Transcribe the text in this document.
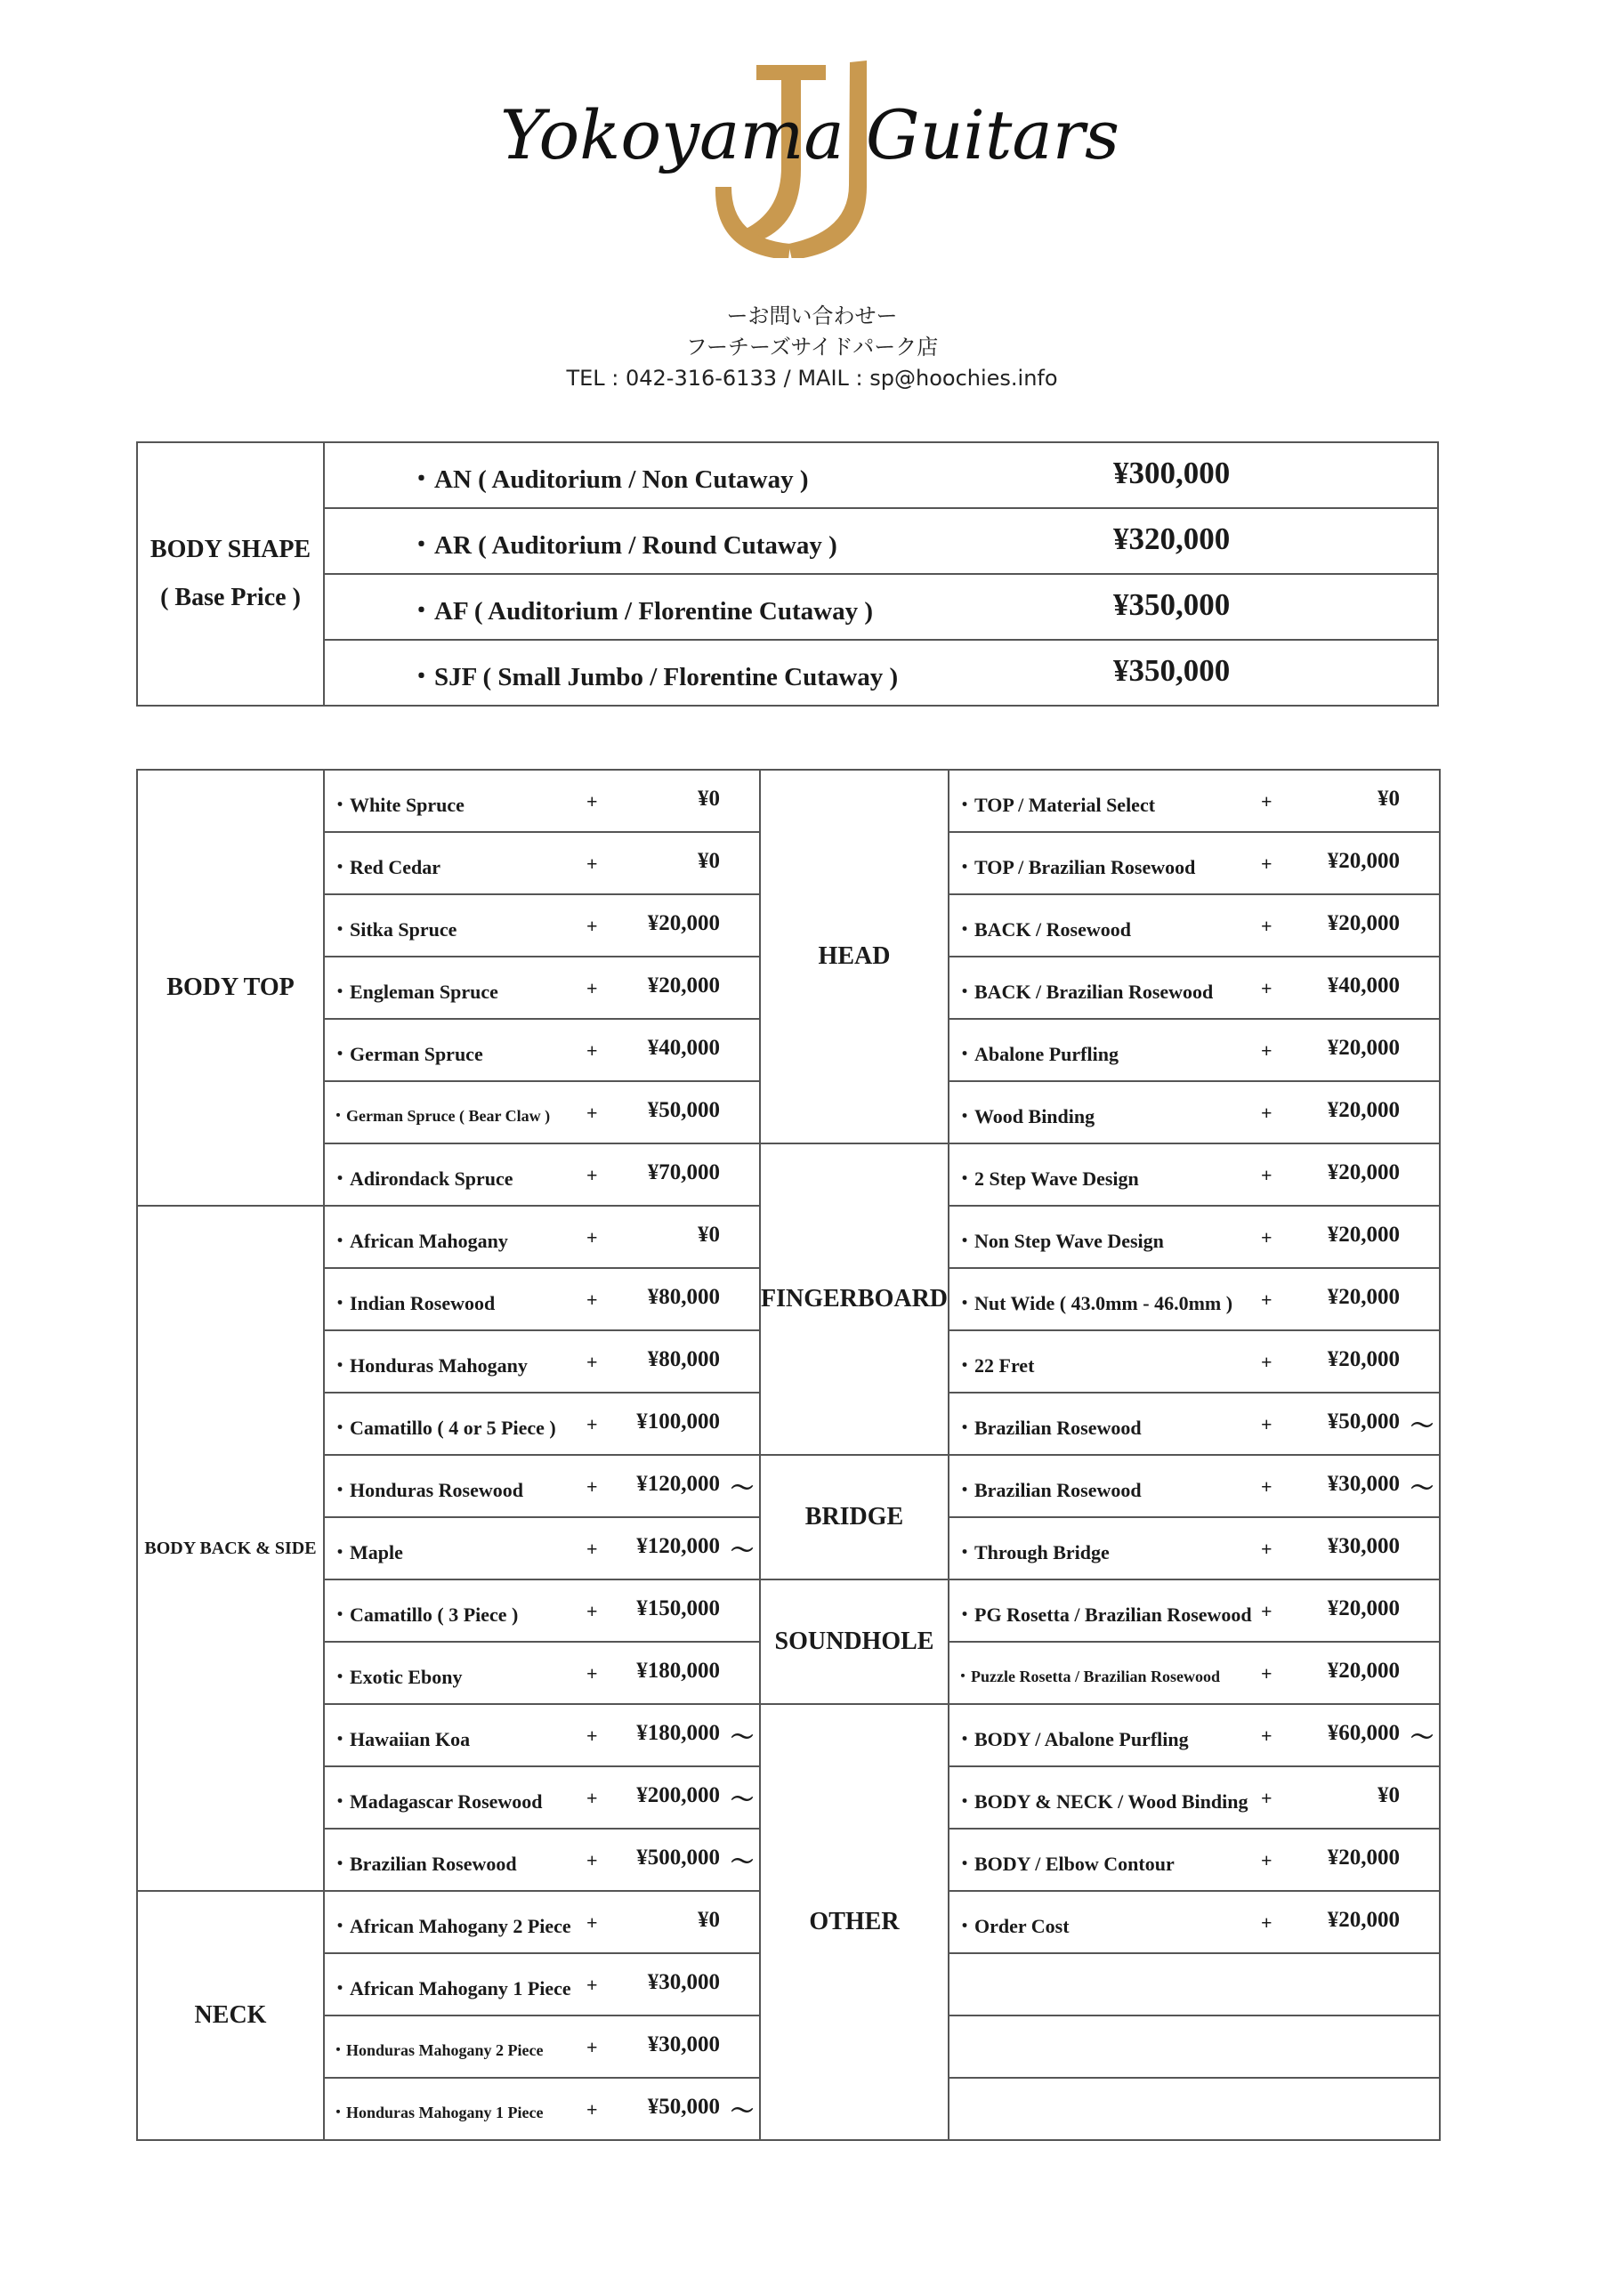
Yokoyama Guitars
ーお問い合わせー
フーチーズサイドパーク店
TEL : 042-316-6133 / MAIL : sp@hoochies.info
BODY SHAPE
( Base Price )

・AN ( Auditorium / Non Cutaway )	¥300,000

・AR ( Auditorium / Round Cutaway )	¥320,000

・AF ( Auditorium / Florentine Cutaway )	¥350,000

・SJF ( Small Jumbo / Florentine Cutaway )	¥350,000
BODY TOP	・White Spruce + ¥0	HEAD	・TOP / Material Select + ¥0

	・Red Cedar + ¥0		・TOP / Brazilian Rosewood + ¥20,000

	・Sitka Spruce + ¥20,000		・BACK / Rosewood + ¥20,000

	・Engleman Spruce + ¥20,000		・BACK / Brazilian Rosewood + ¥40,000

	・German Spruce + ¥40,000		・Abalone Purfling + ¥20,000

	・German Spruce ( Bear Claw ) + ¥50,000		・Wood Binding + ¥20,000

	・Adirondack Spruce + ¥70,000	FINGERBOARD	・2 Step Wave Design + ¥20,000

BODY BACK & SIDE	・African Mahogany + ¥0		・Non Step Wave Design + ¥20,000

	・Indian Rosewood + ¥80,000		・Nut Wide ( 43.0mm - 46.0mm ) + ¥20,000

	・Honduras Mahogany + ¥80,000		・22 Fret + ¥20,000

	・Camatillo ( 4 or 5 Piece ) + ¥100,000		・Brazilian Rosewood + ¥50,000 ～

	・Honduras Rosewood + ¥120,000 ～	BRIDGE	・Brazilian Rosewood + ¥30,000 ～

	・Maple + ¥120,000 ～		・Through Bridge + ¥30,000

	・Camatillo ( 3 Piece ) + ¥150,000	SOUNDHOLE	・PG Rosetta / Brazilian Rosewood + ¥20,000

	・Exotic Ebony + ¥180,000		・Puzzle Rosetta / Brazilian Rosewood + ¥20,000

	・Hawaiian Koa + ¥180,000 ～	OTHER	・BODY / Abalone Purfling + ¥60,000 ～

	・Madagascar Rosewood + ¥200,000 ～		・BODY & NECK / Wood Binding + ¥0

	・Brazilian Rosewood + ¥500,000 ～		・BODY / Elbow Contour + ¥20,000

NECK	・African Mahogany 2 Piece + ¥0		・Order Cost + ¥20,000

	・African Mahogany 1 Piece + ¥30,000		

	・Honduras Mahogany 2 Piece + ¥30,000		

	・Honduras Mahogany 1 Piece + ¥50,000 ～		
